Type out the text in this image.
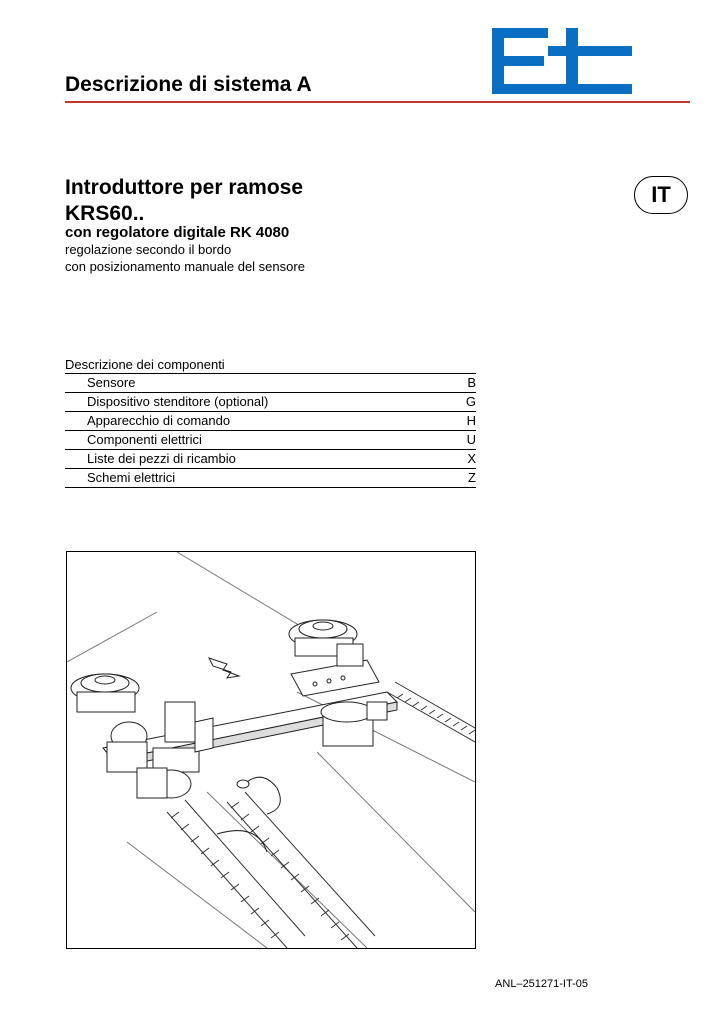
Descrizione di sistema A
Introduttore per ramose
KRS60..
con regolatore digitale RK 4080
regolazione secondo il bordo
con posizionamento manuale del sensore
IT
Descrizione dei componenti
Sensore	B
Dispositivo stenditore (optional)	G
Apparecchio di comando	H
Componenti elettrici	U
Liste dei pezzi di ricambio	X
Schemi elettrici	Z
ANL–251271-IT-05
